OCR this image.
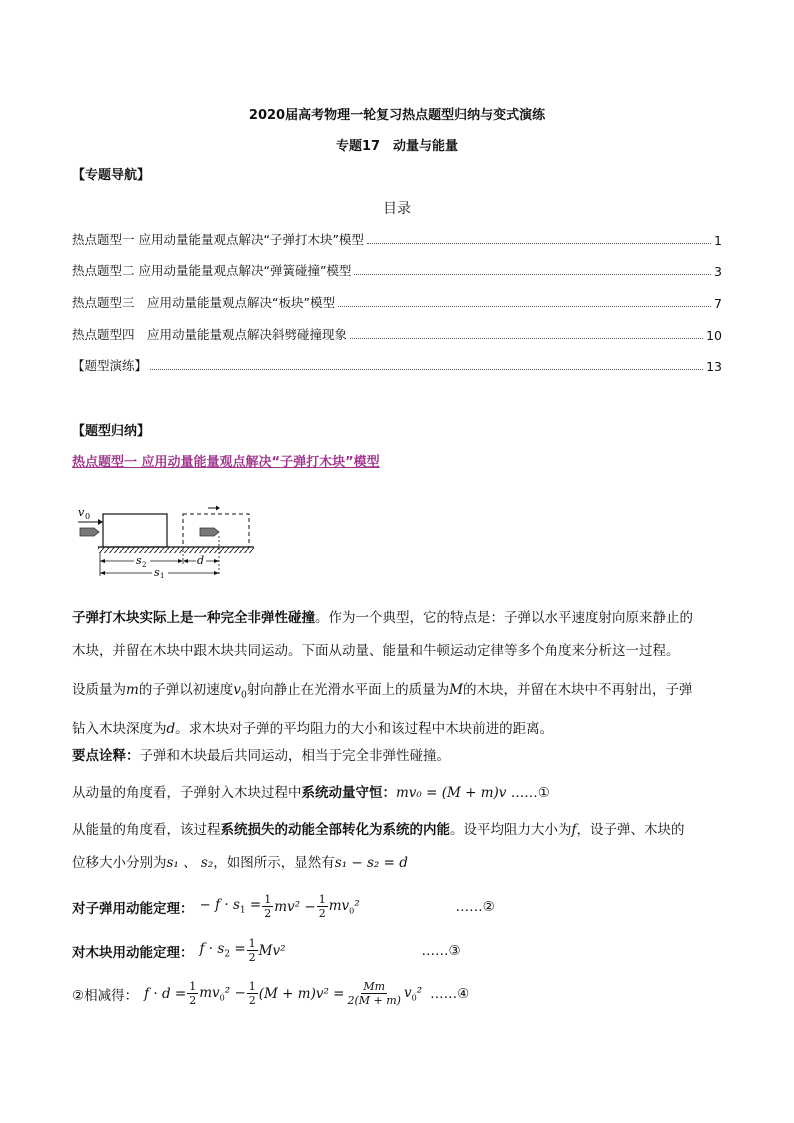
2020届高考物理一轮复习热点题型归纳与变式演练
专题17　动量与能量
【专题导航】
目录
热点题型一 应用动量能量观点解决“子弹打木块”模型	1
热点题型二 应用动量能量观点解决“弹簧碰撞”模型	3
热点题型三　应用动量能量观点解决“板块”模型	7
热点题型四　应用动量能量观点解决斜劈碰撞现象	10
【题型演练】	13
【题型归纳】
热点题型一 应用动量能量观点解决“子弹打木块”模型
v 0
s 2	d
s 1
子弹打木块实际上是一种完全非弹性碰撞。作为一个典型，它的特点是：子弹以水平速度射向原来静止的
木块，并留在木块中跟木块共同运动。下面从动量、能量和牛顿运动定律等多个角度来分析这一过程。
设质量为m的子弹以初速度$v_0$射向静止在光滑水平面上的质量为M的木块，并留在木块中不再射出，子弹
钻入木块深度为d。求木块对子弹的平均阻力的大小和该过程中木块前进的距离。
要点诠释：子弹和木块最后共同运动，相当于完全非弹性碰撞。
从动量的角度看，子弹射入木块过程中系统动量守恒：mv₀ = (M + m)v ……①
从能量的角度看，该过程系统损失的动能全部转化为系统的内能。设平均阻力大小为f，设子弹、木块的
位移大小分别为s₁ 、 s₂，如图所示，显然有s₁ − s₂ = d
对子弹用动能定理： − $f \cdot s_1 = \frac{1}{2} mv^2 - \frac{1}{2} mv_0^2$	……②
对木块用动能定理： $f \cdot s_2 = \frac{1}{2} Mv^2$	……③
②相减得： $f \cdot d = \frac{1}{2} mv_0^2 - \frac{1}{2} (M + m)v^2 = \frac{Mm}{2(M + m)} v_0^2$ ……④
